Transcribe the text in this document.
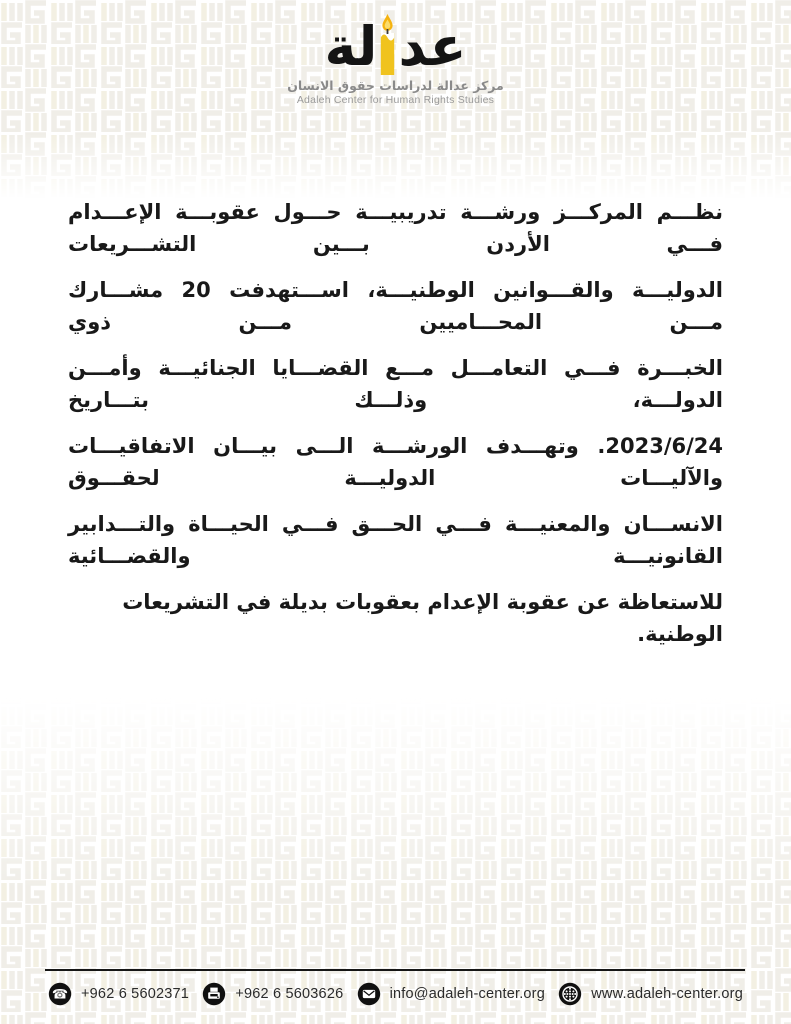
عد
لة
مركز عدالة لدراسات حقوق الانسان
Adaleh Center for Human Rights Studies
نظـــم المركـــز ورشـــة تدريبيـــة حـــول عقوبـــة الإعـــدام فـــي الأردن بـــين التشـــريعات
الدوليـــة والقـــوانين الوطنيـــة، اســـتهدفت 20 مشـــارك مـــن المحـــاميين مـــن ذوي
الخبـــرة فـــي التعامـــل مـــع القضـــايا الجنائيـــة وأمـــن الدولـــة، وذلـــك بتـــاريخ
2023/6/24. وتهـــدف الورشـــة الـــى بيـــان الاتفاقيـــات والآليـــات الدوليـــة لحقـــوق
الانســـان والمعنيـــة فـــي الحـــق فـــي الحيـــاة والتـــدابير القانونيـــة والقضـــائية
للاستعاظة عن عقوبة الإعدام بعقوبات بديلة في التشريعات الوطنية.
☎ +962 6 5602371	+962 6 5603626	info@adaleh-center.org	www.adaleh-center.org
